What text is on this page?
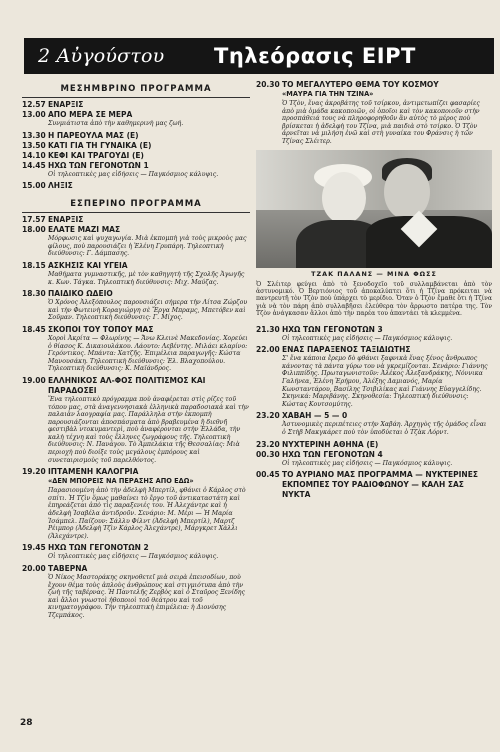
2 Αὐγούστου	Τηλεόρασις ΕΙΡΤ
ΜΕΣΗΜΒΡΙΝΟ ΠΡΟΓΡΑΜΜΑ
12.57 ΕΝΑΡΞΙΣ
13.00 ΑΠΟ ΜΕΡΑ ΣΕ ΜΕΡΑ
Συνμιάτιστα ἀπὸ τὴν καθημερινὴ μας ζωή.
13.30 Η ΠΑΡΕΟΥΛΑ ΜΑΣ (E)
13.50 ΚΑΤΙ ΓΙΑ ΤΗ ΓΥΝΑΙΚΑ (E)
14.10 ΚΕΦΙ ΚΑΙ ΤΡΑΓΟΥΔΙ (E)
14.45 ΗΧΩ ΤΩΝ ΓΕΓΟΝΟΤΩΝ 1
Οἱ τηλεοπτικὲς μας εἰδήσεις — Παγκόσμιος κάλυψις.
15.00 ΛΗΞΙΣ
ΕΣΠΕΡΙΝΟ ΠΡΟΓΡΑΜΜΑ
17.57 ΕΝΑΡΞΙΣ
18.00 ΕΛΑΤΕ ΜΑΖΙ ΜΑΣ
Μόρφωσις καὶ ψυχαγωγία. Μιὰ ἐκπομπὴ γιὰ τοὺς μικροὺς μας φίλους, ποὺ παρουσιάζει ἡ Ἑλένη Γρυπάρη. Τηλεοπτικὴ διεύθυνσις: Γ. Δάμπασης.
18.15 ΑΣΚΗΣΙΣ ΚΑΙ ΥΓΕΙΑ
Μαθήματα γυμναστικῆς, μὲ τὸν καθηγητὴ τῆς Σχολῆς Ἀγωγῆς κ. Κων. Τάγκα. Τηλεοπτικὴ διεύθυνσις: Μιχ. Μαύζας.
18.30 ΠΑΙΔΙΚΟ ΩΔΕΙΟ
Ὁ Χρόνος Ἀλεξόπουλος παρουσιάζει σήμερα τὴν Λίτσα Ζώρζου καὶ τὴν Φωτεινὴ Κοραγιώργη σὲ Ἔργα Μπραμς, Μπετόβεν καὶ Σοῦμαν. Τηλεοπτικὴ διεύθυνσις: Γ. Μίχος.
18.45 ΣΚΟΠΟΙ ΤΟΥ ΤΟΠΟΥ ΜΑΣ
Χοροὶ Ἀκρίτα — Φλωρίνης — Ἄνω Κλεινὲ Μακεδονίας. Χορεύει ὁ θίασος Κ. Δικαιουλάκου. Λάουτο: Λεβέντης. Μιλάει κλαρίνο: Γερόντικος. Μπάντα: Χατζῆς. Ἐπιμέλεια παραγωγῆς: Κώστα Μανουσάκη. Τηλεοπτικὴ διεύθυνσις: Ἐλ. Βλαχοπούλου. Τηλεοπτικὴ διεύθυνσις: Κ. Μαϊάνδρος.
19.00 ΕΛΛΗΝΙΚΟΣ ΑΛ-ΦΟΣ ΠΟΛΙΤΙΣΜΟΣ ΚΑΙ ΠΑΡΑΔΟΣΕΙ
Ἕνα τηλεοπτικὸ πρόγραμμα ποὺ ἀναφέρεται στὶς ρίζες τοῦ τόπου μας, στὰ ἀναγεννησιακὰ ἑλληνικὰ παραδοσιακὰ καὶ τὴν παλαιὰν λαογραφία μας. Παράλληλα στὴν ἐκπομπὴ παρουσιάζονται ἀποσπάσματα ἀπὸ βραβευμένα ἢ διεθνῆ φεστιβὰλ ντοκυμαντερὶ, ποὺ ἀναφέρονται στὴν Ἑλλάδα, τὴν καλὴ τέχνη καὶ τοὺς ἕλληνες ζωγράφους τῆς. Τηλεοπτικὴ διεύθυνσις: Ν. Πανάγου. Τὸ Ἀμπελάκια τῆς Θεσσαλίας: Μιὰ περιοχὴ ποὺ διοίξε τοὺς μεγάλους ἐμπόρους καὶ συνεταιρισμοὺς τοῦ παρελθόντος.
19.20 ΙΠΤΑΜΕΝΗ ΚΑΛΟΓΡΙΑ
«ΔΕΝ ΜΠΟΡΕΙΣ ΝΑ ΠΕΡΑΣΗΣ ΑΠΟ ΕΔΩ»
Παρασιουμένη ἀπὸ τὴν ἀδελφὴ Μπερτίλ, φθάνει ὁ Κάρλος στὸ σπίτι. Ἡ Τζὶν ὅμως μαθαίνει τὸ ἔργο τοῦ ἀντικαταστάτη καὶ ἐπηρεάζεται ἀπὸ τὶς παραξενιές του. Ἡ Ἀλεχάντρε καὶ ἡ ἀδελφὴ Ἰσαβέλα ἀντιδροῦν. Σενάριο: Μ. Μέρι — Ἡ Μαρία Ἰσάμπελ. Παίζουν: Σάλλυ Φίλντ (Ἀδελφὴ Μπερτίλ), Μαρτζ Ρέιμπορ (Ἀδελφὴ Τζὶν Κάρλος Ἀλεχάντρε), Μάργκρετ Χάλλι (Ἀλεχάντρε).
19.45 ΗΧΩ ΤΩΝ ΓΕΓΟΝΟΤΩΝ 2
Οἱ τηλεοπτικὲς μας εἰδήσεις — Παγκόσμιος κάλυψις.
20.00 ΤΑΒΕΡΝΑ
Ὁ Νίκος Μαστοράκης σκηνοθετεῖ μιὰ σειρὰ ἐπεισοδίων, ποὺ ἔχουν θέμα τοὺς ἀπλοὺς ἀνθρώπους καὶ στιγμιότυπα ἀπὸ τὴν ζωὴ τῆς ταβέρνας. Ἡ Παντελῆς Ζερβὸς καὶ ὁ Σταῦρος Ξενίδης καὶ ἄλλοι γνωστοὶ ἠθοποιοὶ τοῦ θεάτρου καὶ τοῦ κινηματογράφου. Τὴν τηλεοπτικὴ ἐπιμέλεια: ἡ Διονύσης Τζεμπάκος.
20.30 ΤΟ ΜΕΓΑΛΥΤΕΡΟ ΘΕΜΑ ΤΟΥ ΚΟΣΜΟΥ
«ΜΑΥΡΑ ΓΙΑ ΤΗΝ ΤΖΙΝΑ»
Ὁ Τζὸν, ἕνας ἀκροβάτης τοῦ τσίρκου, ἀντιμετωπίζει φασαρίες ἀπὸ μιὰ ὁμάδα κακοποιῶν, οἱ ὁποῖοι καὶ τὸν κακοποιοῦν στὴν προσπάθειά τους νὰ πληροφορηθοῦν ἂν αὐτὸς τὸ μέρος ποὺ βρίσκεται ἡ ἀδελφὴ του Τζίνα, μιὰ παιδιὰ στὸ τσίρκο. Ὁ Τζὸν ἀρνεῖται νὰ μιλήση ἐνῶ καὶ στὴ γυναίκα του Φράνσις ἡ τῶν Τζίνας Σλέιτερ.
ΤΖΑΚ ΠΑΛΑΝΣ — ΜΙΝΑ ΦΩΣΣ
Ὁ Σλέιτερ φεύγει ἀπὸ τὸ ξενοδοχεῖο τοῦ συλλαμβάνεται ἀπὸ τὸν ἀστυνομικό. Ὁ Βερτιόνιος τοῦ ἀποκαλύπτει ὅτι ἡ Τζίνα πρόκειται νὰ παντρευτῆ τὸν Τζὸν ποὺ ὑπάρχει τὸ μερίδιο. Ὅταν ὁ Τζὸν ἔμαθε ὅτι ἡ Τζίνα γιὰ νὰ τὸν πάρη ἀπὸ συλλαβῆσει ἐλεύθερα τὸν ἄρρωστο πατέρα της. Τὸν Τζὸν ἀνάγκασαν ἄλλοι ἀπὸ τὴν παρέα του ἀπαντάει τὰ κλεμμένα.
21.30 ΗΧΩ ΤΩΝ ΓΕΓΟΝΟΤΩΝ 3
Οἱ τηλεοπτικὲς μας εἰδήσεις — Παγκόσμιος κάλυψις.
22.00 ΕΝΑΣ ΠΑΡΑΞΕΝΟΣ ΤΑΞΙΔΙΩΤΗΣ
Σ' ἕνα κάποια ἔρεμο δὸ φθάνει ξαφνικὰ ἕνας ξένος ἄνθρωπος κάνοντας τὰ πάντα γύρω του νὰ γκρεμίζονται. Σενάριο: Γιάννης Φιλιππίδης. Πρωταγωνιστοῦν: Ἀλέκος Ἀλεξανδράκης, Νόννικα Γαλήνεα, Ἑλένη Ἐρήμου, Ἀλέξης Δαμιανός, Μαρία Κωνσταντάρου, Βασίλης Τσιβιλίκας καὶ Γιάννης Εὐαγγελίδης. Σκηνικά: Μαριβάνης. Σκηνοθεσία: Τηλεοπτικὴ διεύθυνσις: Κώστας Κουτσομύτης.
23.20 ΧΑΒΑΗ — 5 — 0
Ἀστυνομικὲς περιπέτειες στὴν Χαβάη. Ἀρχηγὸς τῆς ὁμάδος εἶναι ὁ Στὴβ Μακγκάρετ ποὺ τὸν ὑποδύεται ὁ Τζὰκ Λόρντ.
23.20 ΝΥΧΤΕΡΙΝΗ ΑΘΗΝΑ (E)
00.30 ΗΧΩ ΤΩΝ ΓΕΓΟΝΟΤΩΝ 4
Οἱ τηλεοπτικὲς μας εἰδήσεις — Παγκόσμιος κάλυψις.
00.45 ΤΟ ΑΥΡΙΑΝΟ ΜΑΣ ΠΡΟΓΡΑΜΜΑ — ΝΥΚΤΕΡΙΝΕΣ ΕΚΠΟΜΠΕΣ ΤΟΥ ΡΑΔΙΟΦΩΝΟΥ — ΚΑΛΗ ΣΑΣ ΝΥΚΤΑ
28
